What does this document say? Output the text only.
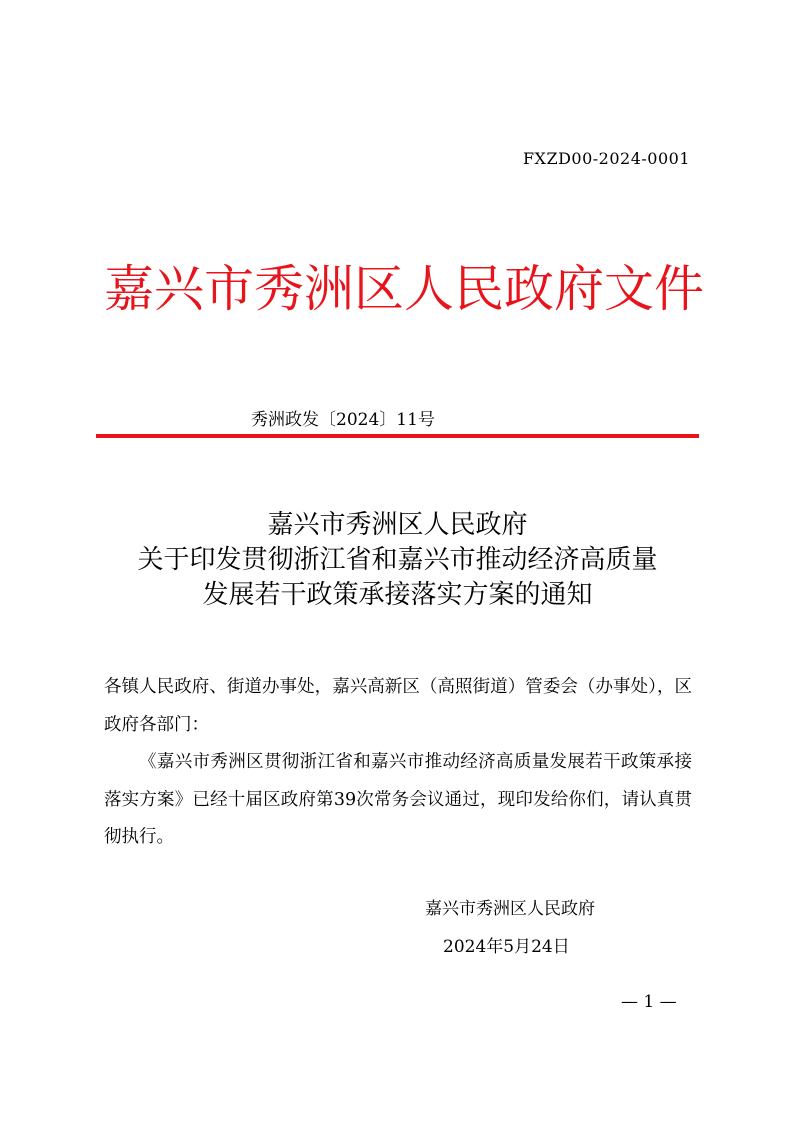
FXZD00-2024-0001
嘉兴市秀洲区人民政府文件
秀洲政发〔2024〕11号
嘉兴市秀洲区人民政府
关于印发贯彻浙江省和嘉兴市推动经济高质量
发展若干政策承接落实方案的通知

各镇人民政府、街道办事处，嘉兴高新区（高照街道）管委会（办事处），区政府各部门：

《嘉兴市秀洲区贯彻浙江省和嘉兴市推动经济高质量发展若干政策承接落实方案》已经十届区政府第39次常务会议通过，现印发给你们，请认真贯彻执行。

嘉兴市秀洲区人民政府
2024年5月24日
— 1 —
